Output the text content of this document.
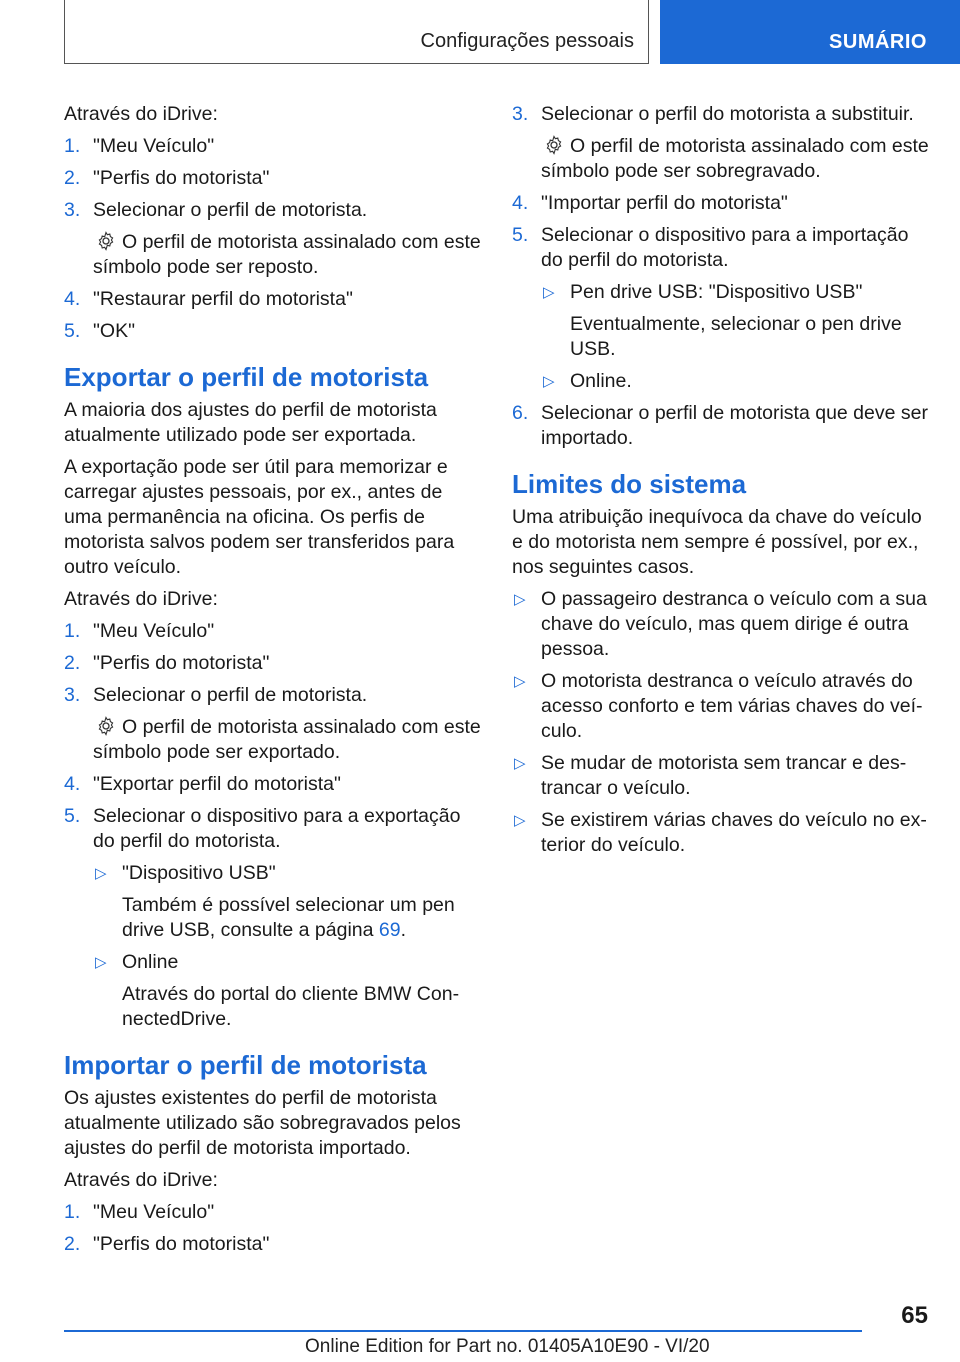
Configurações pessoais	SUMÁRIO

Através do iDrive:

1. "Meu Veículo"
2. "Perfis do motorista"
3. Selecionar o perfil de motorista.
O perfil de motorista assinalado com este símbolo pode ser reposto.
4. "Restaurar perfil do motorista"
5. "OK"
Exportar o perfil de motorista

A maioria dos ajustes do perfil de motorista atualmente utilizado pode ser exportada.

A exportação pode ser útil para memorizar e carregar ajustes pessoais, por ex., antes de uma permanência na oficina. Os perfis de motorista salvos podem ser transferidos para outro veículo.

Através do iDrive:

1. "Meu Veículo"
2. "Perfis do motorista"
3. Selecionar o perfil de motorista.
O perfil de motorista assinalado com este símbolo pode ser exportado.
4. "Exportar perfil do motorista"
5. Selecionar o dispositivo para a exportação do perfil do motorista.
▷ "Dispositivo USB"
Também é possível selecionar um pen drive USB, consulte a página 69.
▷ Online
Através do portal do cliente BMW ConnectedDrive.
Importar o perfil de motorista

Os ajustes existentes do perfil de motorista atualmente utilizado são sobregravados pelos ajustes do perfil de motorista importado.

Através do iDrive:

1. "Meu Veículo"
2. "Perfis do motorista"
3. Selecionar o perfil do motorista a substituir.
O perfil de motorista assinalado com este símbolo pode ser sobregravado.
4. "Importar perfil do motorista"
5. Selecionar o dispositivo para a importação do perfil do motorista.
▷ Pen drive USB: "Dispositivo USB"
Eventualmente, selecionar o pen drive USB.
▷ Online.
6. Selecionar o perfil de motorista que deve ser importado.
Limites do sistema

Uma atribuição inequívoca da chave do veículo e do motorista nem sempre é possível, por ex., nos seguintes casos.

▷ O passageiro destranca o veículo com a sua chave do veículo, mas quem dirige é outra pessoa.
▷ O motorista destranca o veículo através do acesso conforto e tem várias chaves do veículo.
▷ Se mudar de motorista sem trancar e destrancar o veículo.
▷ Se existirem várias chaves do veículo no exterior do veículo.
65
Online Edition for Part no. 01405A10E90 - VI/20
